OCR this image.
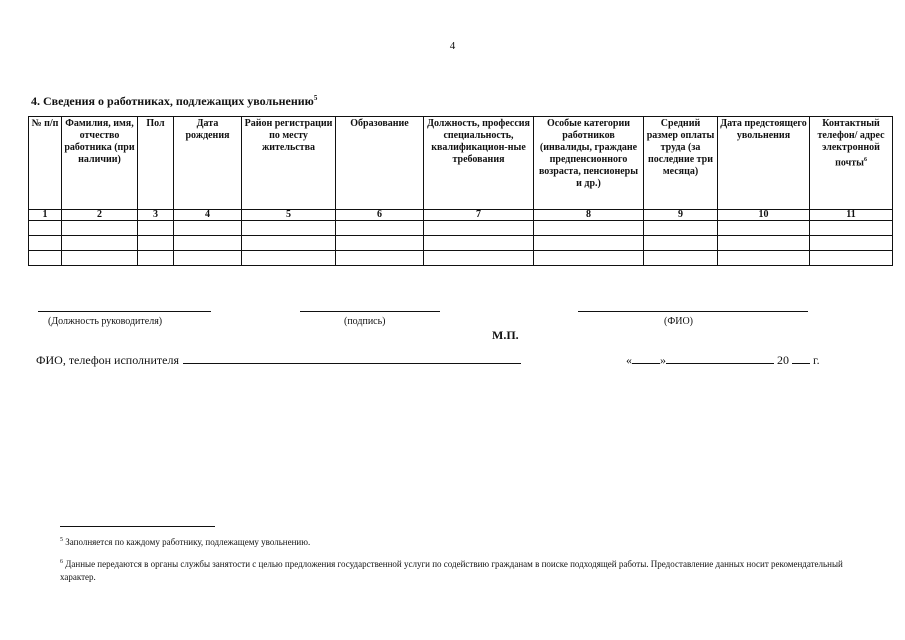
4
4. Сведения о работниках, подлежащих увольнению$^5$
№ п/п	Фамилия, имя, отчество работника (при наличии)	Пол	Дата рождения	Район регистрации по месту жительства	Образование	Должность, профессия специальность, квалификацион-ные требования	Особые категории работников (инвалиды, граждане предпенсионного возраста, пенсионеры и др.)	Средний размер оплаты труда (за последние три месяца)	Дата предстоящего увольнения	Контактный телефон/ адрес электронной почты$^6$
1	2	3	4	5	6	7	8	9	10	11

(Должность руководителя)	(подпись)	(ФИО)
М.П.
ФИО, телефон исполнителя	« »	20 г.
$^5$ Заполняется по каждому работнику, подлежащему увольнению.
$^6$ Данные передаются в органы службы занятости с целью предложения государственной услуги по содействию гражданам в поиске подходящей работы. Предоставление данных носит рекомендательный характер.
